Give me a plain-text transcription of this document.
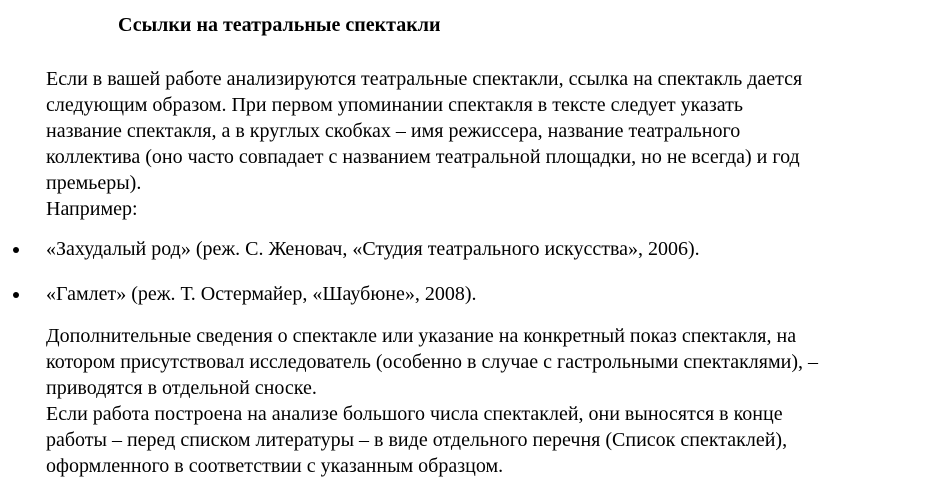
Ссылки на театральные спектакли
Если в вашей работе анализируются театральные спектакли, ссылка на спектакль дается
следующим образом. При первом упоминании спектакля в тексте следует указать
название спектакля, а в круглых скобках – имя режиссера, название театрального
коллектива (оно часто совпадает с названием театральной площадки, но не всегда) и год
премьеры).
Например:
«Захудалый род» (реж. С. Женовач, «Студия театрального искусства», 2006).
«Гамлет» (реж. Т. Остермайер, «Шаубюне», 2008).
Дополнительные сведения о спектакле или указание на конкретный показ спектакля, на
котором присутствовал исследователь (особенно в случае с гастрольными спектаклями), –
приводятся в отдельной сноске.
Если работа построена на анализе большого числа спектаклей, они выносятся в конце
работы – перед списком литературы – в виде отдельного перечня (Список спектаклей),
оформленного в соответствии с указанным образцом.
